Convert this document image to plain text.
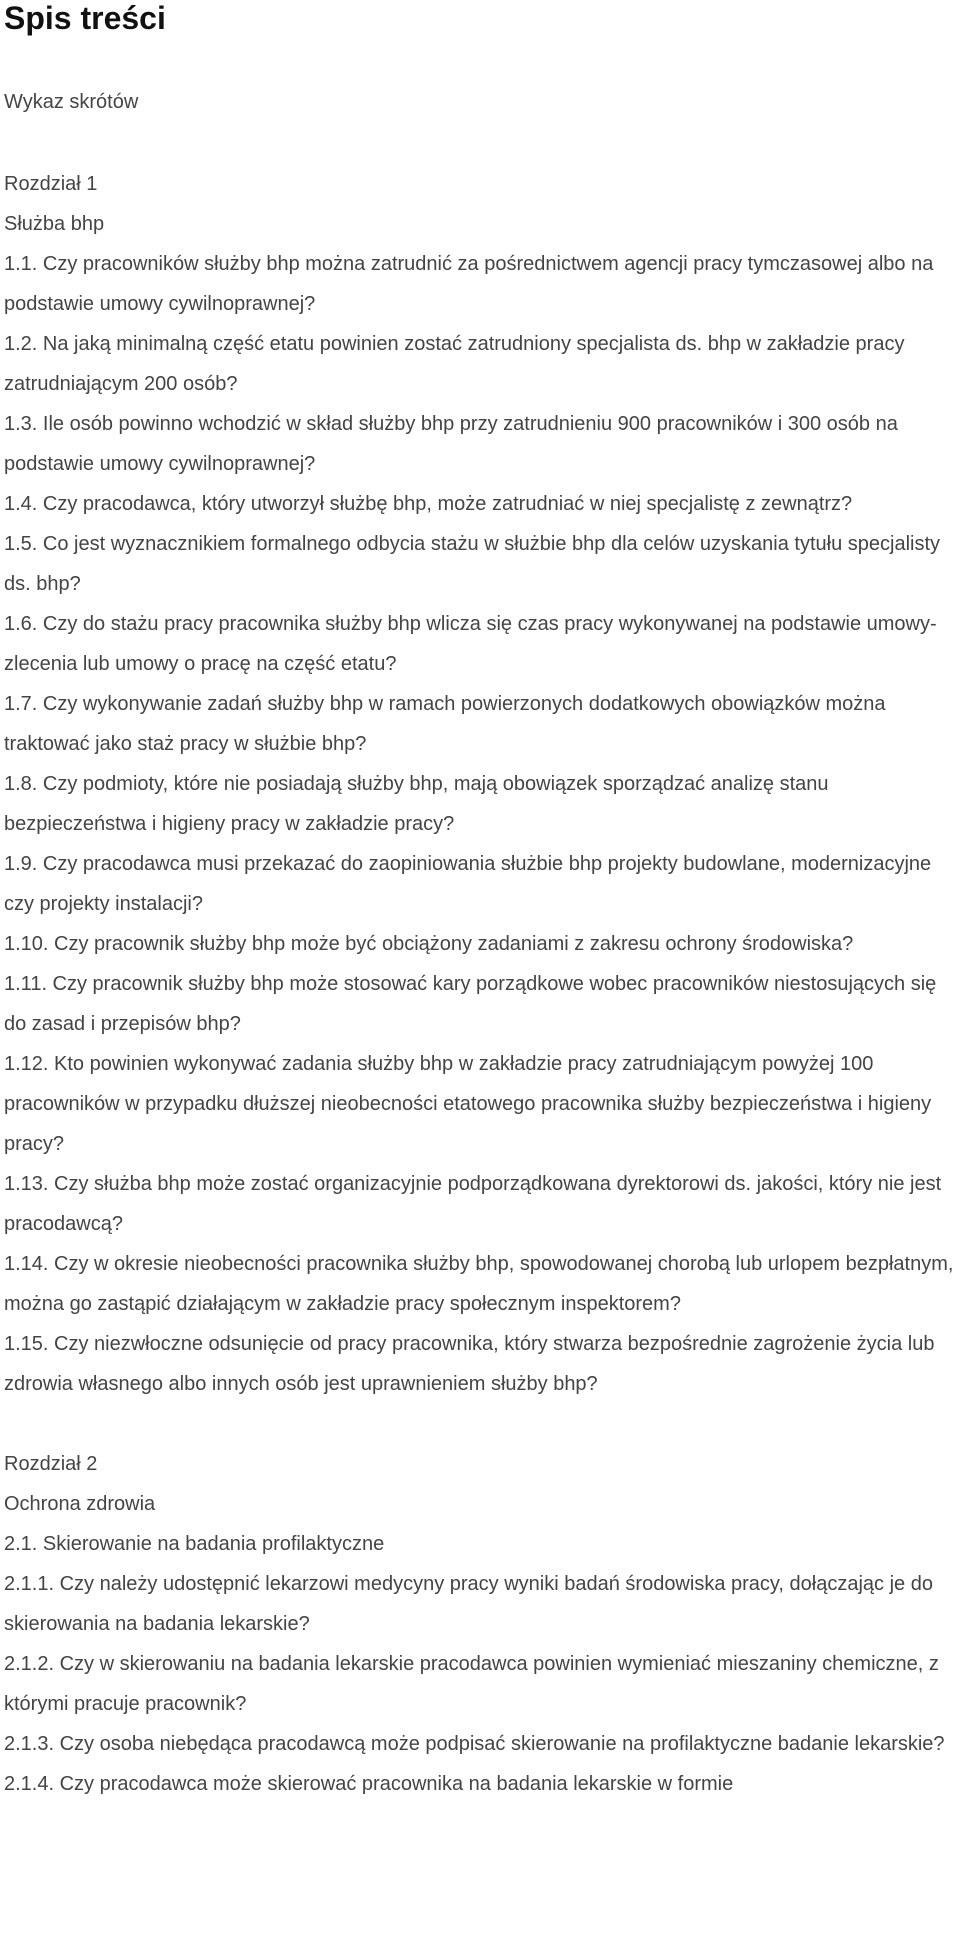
Spis treści
Wykaz skrótów
Rozdział 1
Służba bhp
1.1. Czy pracowników służby bhp można zatrudnić za pośrednictwem agencji pracy tymczasowej albo na podstawie umowy cywilnoprawnej?
1.2. Na jaką minimalną część etatu powinien zostać zatrudniony specjalista ds. bhp w zakładzie pracy zatrudniającym 200 osób?
1.3. Ile osób powinno wchodzić w skład służby bhp przy zatrudnieniu 900 pracowników i 300 osób na podstawie umowy cywilnoprawnej?
1.4. Czy pracodawca, który utworzył służbę bhp, może zatrudniać w niej specjalistę z zewnątrz?
1.5. Co jest wyznacznikiem formalnego odbycia stażu w służbie bhp dla celów uzyskania tytułu specjalisty ds. bhp?
1.6. Czy do stażu pracy pracownika służby bhp wlicza się czas pracy wykonywanej na podstawie umowy-zlecenia lub umowy o pracę na część etatu?
1.7. Czy wykonywanie zadań służby bhp w ramach powierzonych dodatkowych obowiązków można traktować jako staż pracy w służbie bhp?
1.8. Czy podmioty, które nie posiadają służby bhp, mają obowiązek sporządzać analizę stanu bezpieczeństwa i higieny pracy w zakładzie pracy?
1.9. Czy pracodawca musi przekazać do zaopiniowania służbie bhp projekty budowlane, modernizacyjne czy projekty instalacji?
1.10. Czy pracownik służby bhp może być obciążony zadaniami z zakresu ochrony środowiska?
1.11. Czy pracownik służby bhp może stosować kary porządkowe wobec pracowników niestosujących się do zasad i przepisów bhp?
1.12. Kto powinien wykonywać zadania służby bhp w zakładzie pracy zatrudniającym powyżej 100 pracowników w przypadku dłuższej nieobecności etatowego pracownika służby bezpieczeństwa i higieny pracy?
1.13. Czy służba bhp może zostać organizacyjnie podporządkowana dyrektorowi ds. jakości, który nie jest pracodawcą?
1.14. Czy w okresie nieobecności pracownika służby bhp, spowodowanej chorobą lub urlopem bezpłatnym, można go zastąpić działającym w zakładzie pracy społecznym inspektorem?
1.15. Czy niezwłoczne odsunięcie od pracy pracownika, który stwarza bezpośrednie zagrożenie życia lub zdrowia własnego albo innych osób jest uprawnieniem służby bhp?
Rozdział 2
Ochrona zdrowia
2.1. Skierowanie na badania profilaktyczne
2.1.1. Czy należy udostępnić lekarzowi medycyny pracy wyniki badań środowiska pracy, dołączając je do skierowania na badania lekarskie?
2.1.2. Czy w skierowaniu na badania lekarskie pracodawca powinien wymieniać mieszaniny chemiczne, z którymi pracuje pracownik?
2.1.3. Czy osoba niebędąca pracodawcą może podpisać skierowanie na profilaktyczne badanie lekarskie?
2.1.4. Czy pracodawca może skierować pracownika na badania lekarskie w formie
